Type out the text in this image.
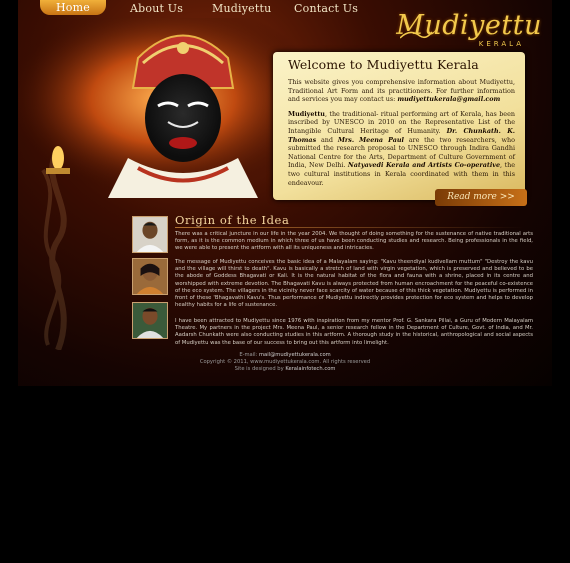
Home	About Us	Mudiyettu Contact Us
Mudiyettu
KERALA
Welcome to Mudiyettu Kerala

This website gives you comprehensive information about Mudiyettu, Traditional Art Form and its practitioners. For further information and services you may contact us: mudiyettukerala@gmail.com

Mudiyettu, the traditional- ritual performing art of Kerala, has been inscribed by UNESCO in 2010 on the Representative List of the Intangible Cultural Heritage of Humanity. Dr. Chunkath. K. Thomas and Mrs. Meena Paul are the two researchers, who submitted the research proposal to UNESCO through Indira Gandhi National Centre for the Arts, Department of Culture Government of India, New Delhi. Natyavedi Kerala and Artists Co-operative, the two cultural institutions in Kerala coordinated with them in this endeavour.

Read more >>
Origin of the Idea

There was a critical juncture in our life in the year 2004. We thought of doing something for the sustenance of native traditional arts form, as it is the common medium in which three of us have been conducting studies and research. Being professionals in the field, we were able to present the artform with all its uniqueness and intricacies.

The message of Mudiyettu conceives the basic idea of a Malayalam saying: "Kavu theendiyal kudivellam muttum" "Destroy the kavu and the village will thirst to death". Kavu is basically a stretch of land with virgin vegetation, which is preserved and believed to be the abode of Goddess Bhagavati or Kali. It is the natural habitat of the flora and fauna with a shrine, placed in its centre and worshipped with extreme devotion. The Bhagavati Kavu is always protected from human encroachment for the peaceful co-existence of the eco system. The villagers in the vicinity never face scarcity of water because of this thick vegetation. Mudiyettu is performed in front of these 'Bhagavathi Kavu's. Thus performance of Mudiyettu indirectly provides protection for eco system and helps to develop healthy habits for a life of sustenance.

I have been attracted to Mudiyettu since 1976 with inspiration from my mentor Prof. G. Sankara Pillai, a Guru of Modern Malayalam Theatre. My partners in the project Mrs. Meena Paul, a senior research fellow in the Department of Culture, Govt. of India, and Mr. Aadarsh Chunkath were also conducting studies in this artform. A thorough study in the historical, anthropological and social aspects of Mudiyettu was the base of our success to bring out this artform into limelight.

E-mail: mail@mudiyettukerala.com
Copyright © 2011, www.mudiyettukerala.com. All rights reserved
Site is designed by Keralainfotech.com
